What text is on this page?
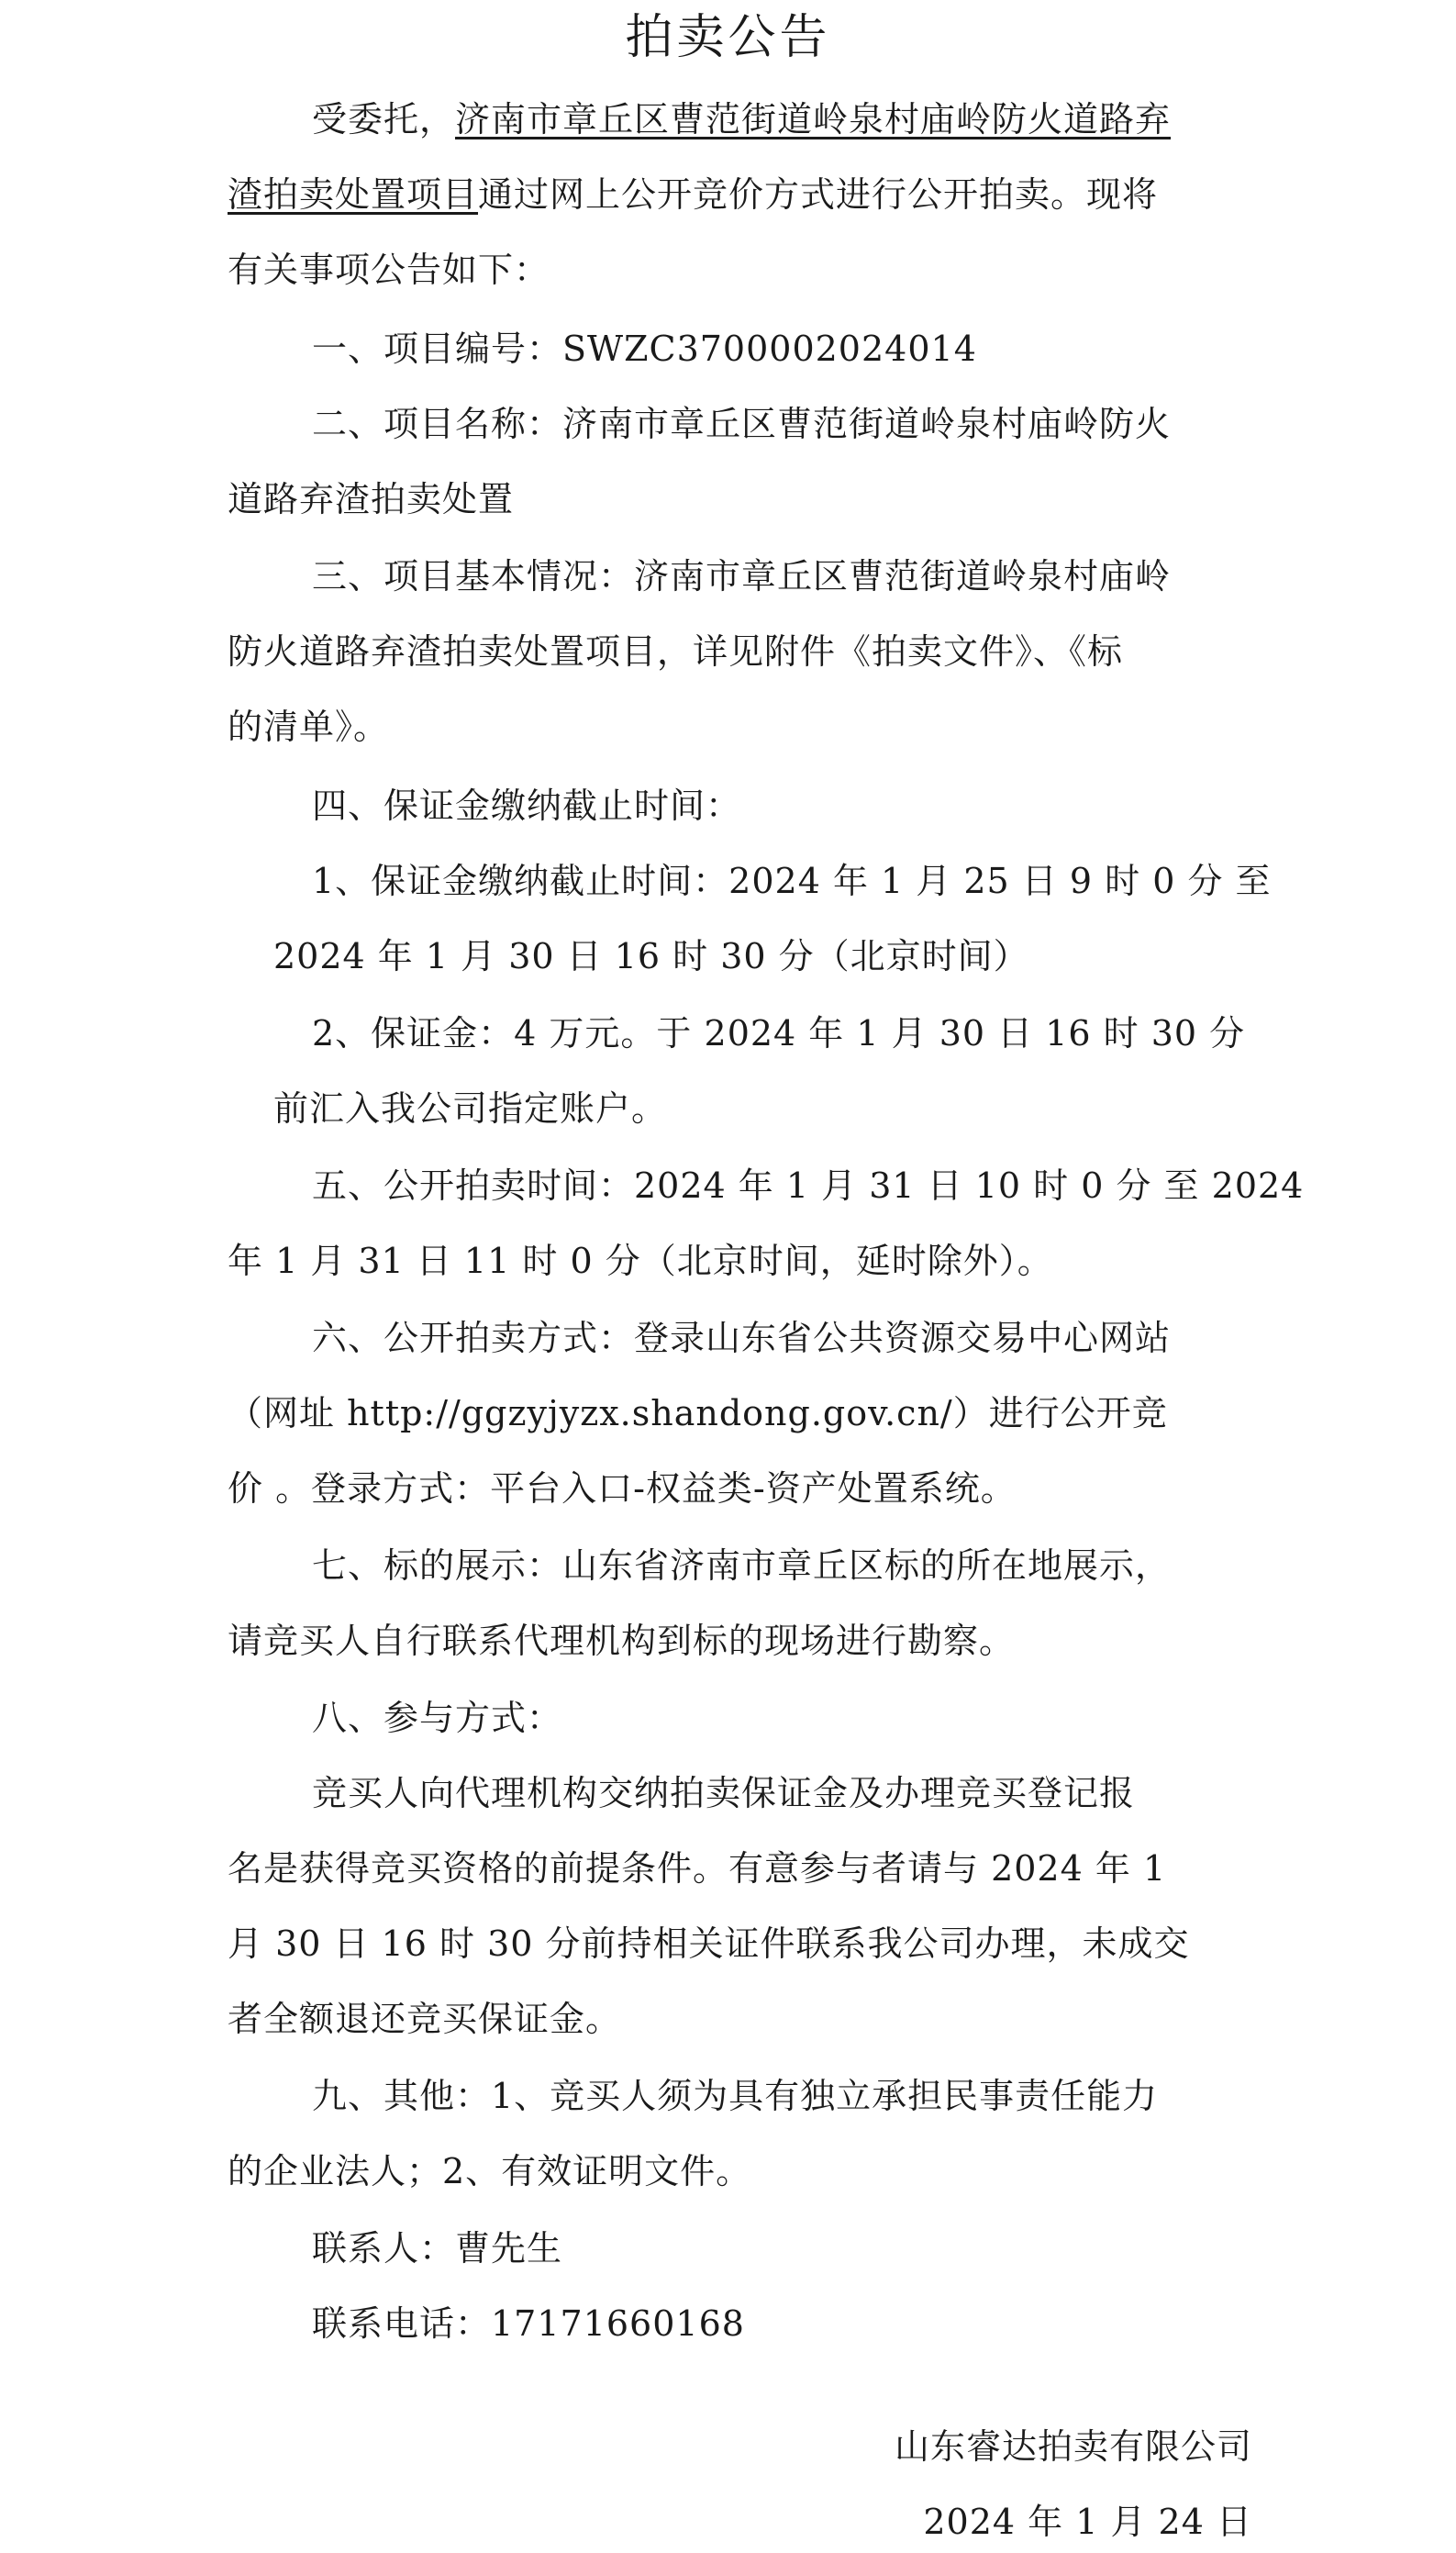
拍卖公告
受委托，济南市章丘区曹范街道岭泉村庙岭防火道路弃
渣拍卖处置项目通过网上公开竞价方式进行公开拍卖。现将
有关事项公告如下：
一、项目编号：SWZC3700002024014
二、项目名称：济南市章丘区曹范街道岭泉村庙岭防火
道路弃渣拍卖处置
三、项目基本情况：济南市章丘区曹范街道岭泉村庙岭
防火道路弃渣拍卖处置项目，详见附件《拍卖文件》、《标
的清单》。
四、保证金缴纳截止时间：
1、保证金缴纳截止时间：2024 年 1 月 25 日 9 时 0 分 至
2024 年 1 月 30 日 16 时 30 分（北京时间）
2、保证金：4 万元。于 2024 年 1 月 30 日 16 时 30 分
前汇入我公司指定账户。
五、公开拍卖时间：2024 年 1 月 31 日 10 时 0 分 至 2024
年 1 月 31 日 11 时 0 分（北京时间，延时除外）。
六、公开拍卖方式：登录山东省公共资源交易中心网站
（网址 http://ggzyjyzx.shandong.gov.cn/）进行公开竞
价 。登录方式：平台入口-权益类-资产处置系统。
七、标的展示：山东省济南市章丘区标的所在地展示，
请竞买人自行联系代理机构到标的现场进行勘察。
八、参与方式：
竞买人向代理机构交纳拍卖保证金及办理竞买登记报
名是获得竞买资格的前提条件。有意参与者请与 2024 年 1
月 30 日 16 时 30 分前持相关证件联系我公司办理，未成交
者全额退还竞买保证金。
九、其他：1、竞买人须为具有独立承担民事责任能力
的企业法人；2、有效证明文件。
联系人：曹先生
联系电话：17171660168
山东睿达拍卖有限公司
2024 年 1 月 24 日
